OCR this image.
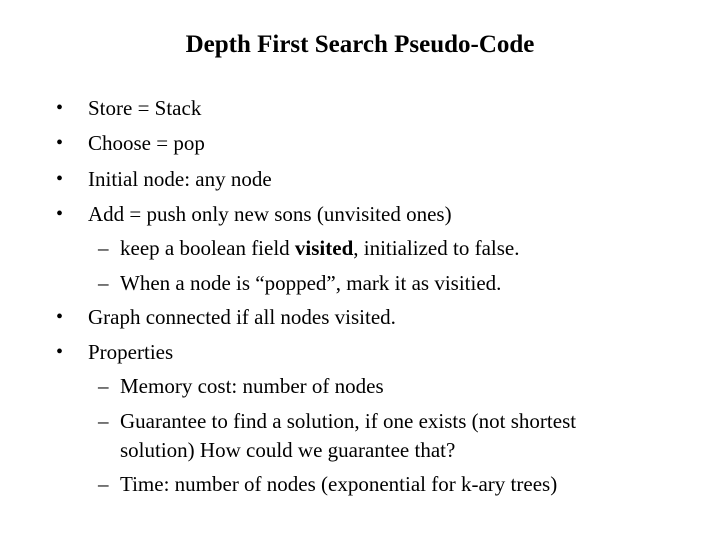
Depth First Search Pseudo-Code
• Store = Stack
• Choose = pop
• Initial node: any node
• Add = push only new sons (unvisited ones)
– keep a boolean field visited, initialized to false.
– When a node is “popped”, mark it as visitied.
• Graph connected if all nodes visited.
• Properties
– Memory cost: number of nodes
– Guarantee to find a solution, if one exists (not shortest
solution) How could we guarantee that?
– Time: number of nodes (exponential for k-ary trees)
